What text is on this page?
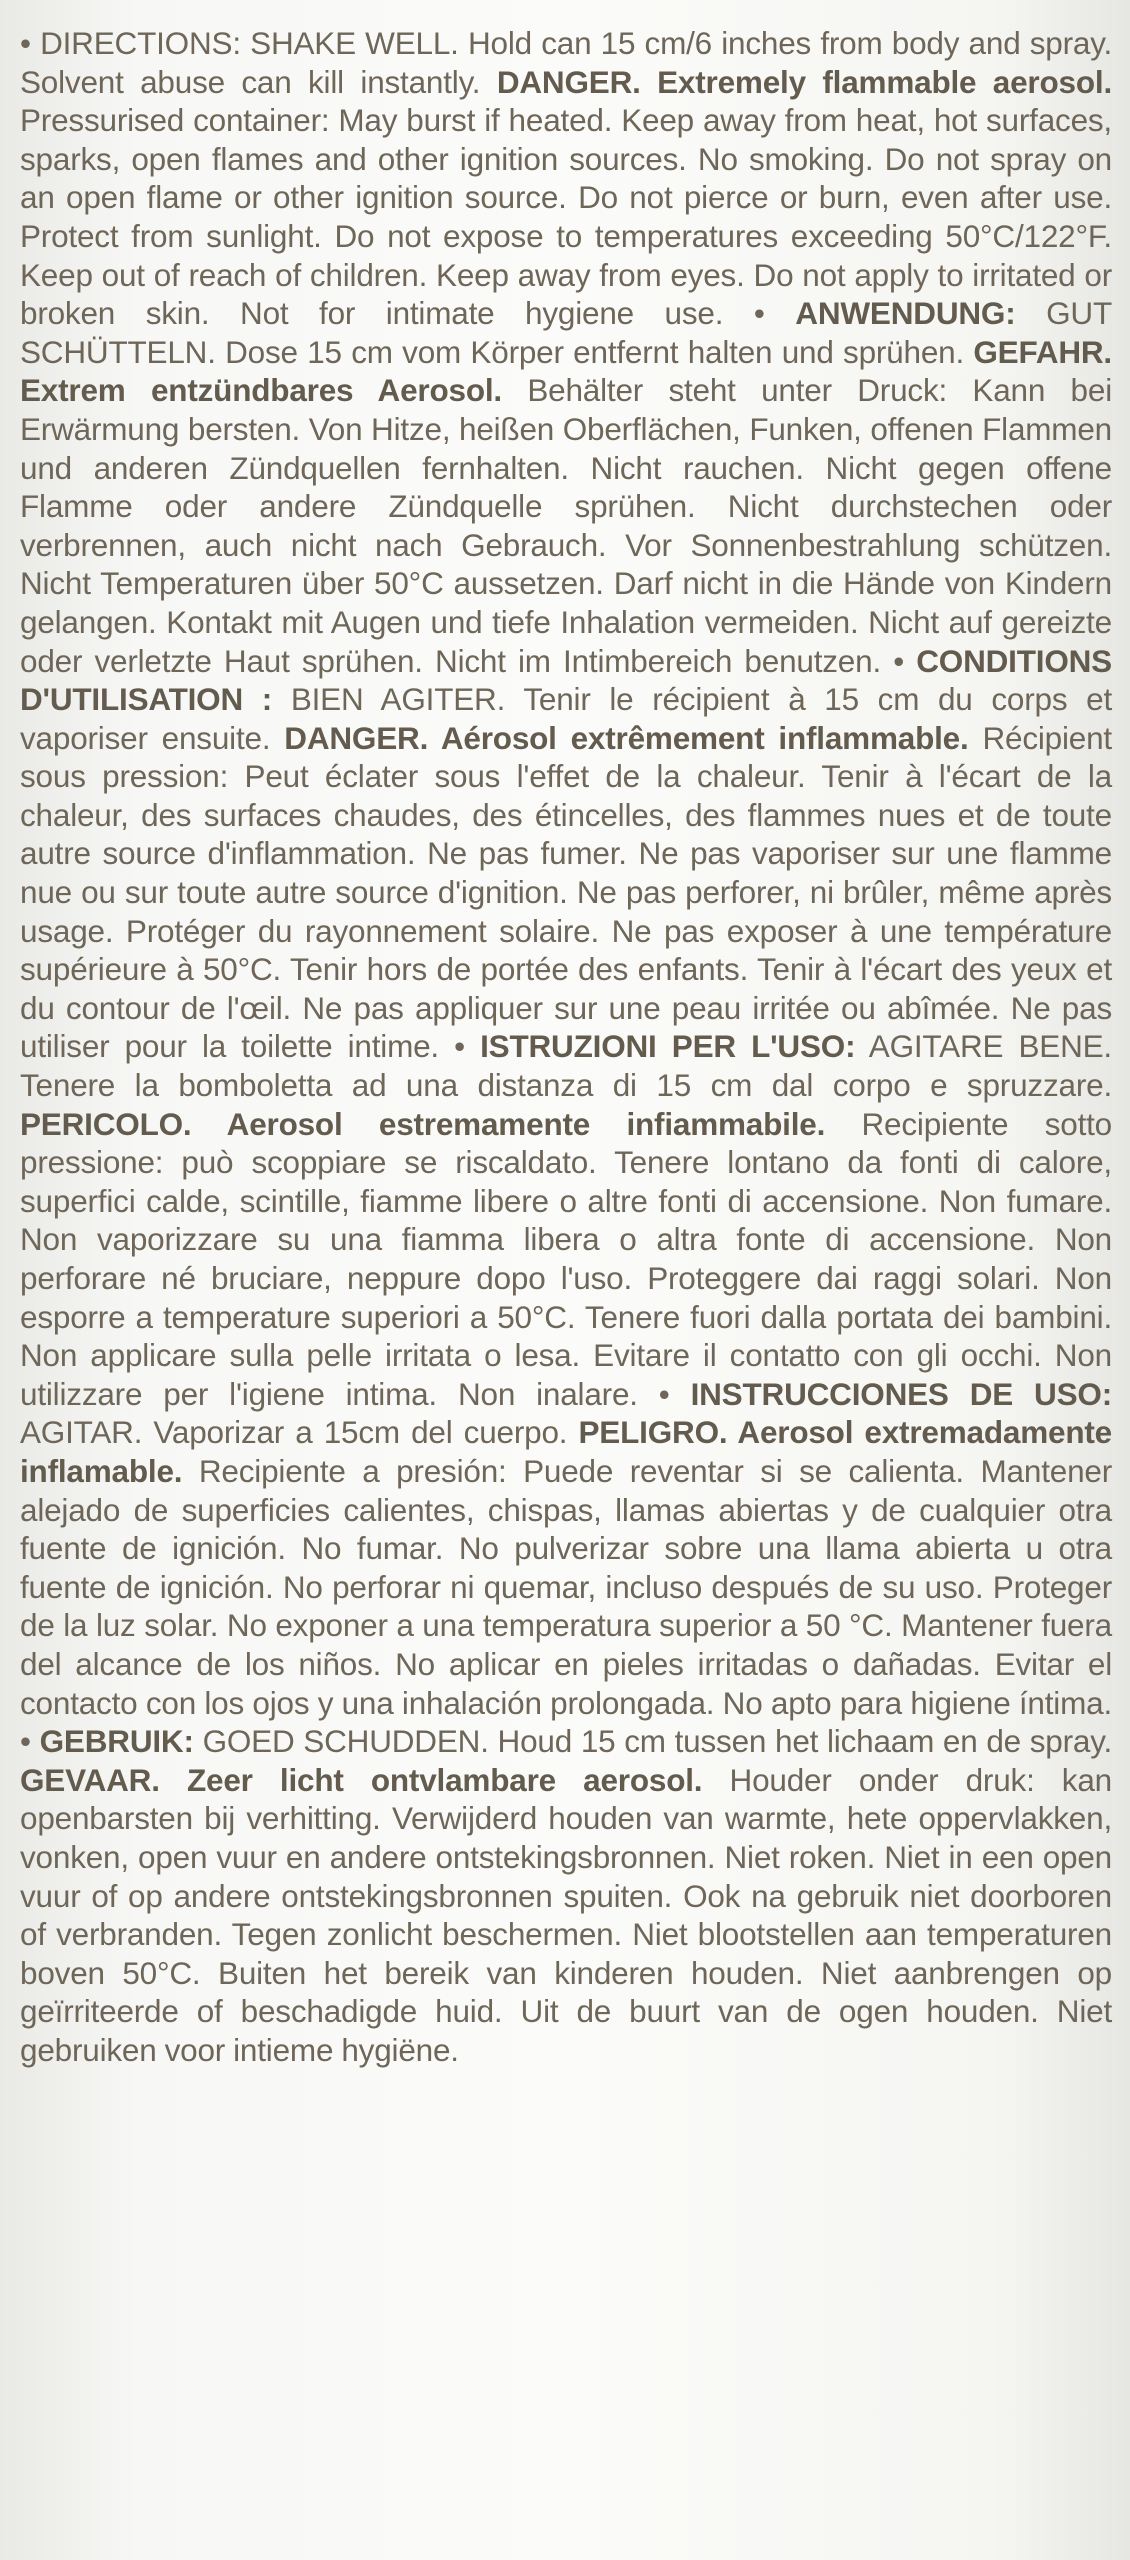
• DIRECTIONS: SHAKE WELL. Hold can 15 cm/6 inches from body and spray. Solvent abuse can kill instantly. DANGER. Extremely flammable aerosol. Pressurised container: May burst if heated. Keep away from heat, hot surfaces, sparks, open flames and other ignition sources. No smoking. Do not spray on an open flame or other ignition source. Do not pierce or burn, even after use. Protect from sunlight. Do not expose to temperatures exceeding 50°C/122°F. Keep out of reach of children. Keep away from eyes. Do not apply to irritated or broken skin. Not for intimate hygiene use. • ANWENDUNG: GUT SCHÜTTELN. Dose 15 cm vom Körper entfernt halten und sprühen. GEFAHR. Extrem entzündbares Aerosol. Behälter steht unter Druck: Kann bei Erwärmung bersten. Von Hitze, heißen Oberflächen, Funken, offenen Flammen und anderen Zündquellen fernhalten. Nicht rauchen. Nicht gegen offene Flamme oder andere Zündquelle sprühen. Nicht durchstechen oder verbrennen, auch nicht nach Gebrauch. Vor Sonnenbestrahlung schützen. Nicht Temperaturen über 50°C aussetzen. Darf nicht in die Hände von Kindern gelangen. Kontakt mit Augen und tiefe Inhalation vermeiden. Nicht auf gereizte oder verletzte Haut sprühen. Nicht im Intimbereich benutzen. • CONDITIONS D'UTILISATION : BIEN AGITER. Tenir le récipient à 15 cm du corps et vaporiser ensuite. DANGER. Aérosol extrêmement inflammable. Récipient sous pression: Peut éclater sous l'effet de la chaleur. Tenir à l'écart de la chaleur, des surfaces chaudes, des étincelles, des flammes nues et de toute autre source d'inflammation. Ne pas fumer. Ne pas vaporiser sur une flamme nue ou sur toute autre source d'ignition. Ne pas perforer, ni brûler, même après usage. Protéger du rayonnement solaire. Ne pas exposer à une température supérieure à 50°C. Tenir hors de portée des enfants. Tenir à l'écart des yeux et du contour de l'œil. Ne pas appliquer sur une peau irritée ou abîmée. Ne pas utiliser pour la toilette intime. • ISTRUZIONI PER L'USO: AGITARE BENE. Tenere la bomboletta ad una distanza di 15 cm dal corpo e spruzzare. PERICOLO. Aerosol estremamente infiammabile. Recipiente sotto pressione: può scoppiare se riscaldato. Tenere lontano da fonti di calore, superfici calde, scintille, fiamme libere o altre fonti di accensione. Non fumare. Non vaporizzare su una fiamma libera o altra fonte di accensione. Non perforare né bruciare, neppure dopo l'uso. Proteggere dai raggi solari. Non esporre a temperature superiori a 50°C. Tenere fuori dalla portata dei bambini. Non applicare sulla pelle irritata o lesa. Evitare il contatto con gli occhi. Non utilizzare per l'igiene intima. Non inalare. • INSTRUCCIONES DE USO: AGITAR. Vaporizar a 15cm del cuerpo. PELIGRO. Aerosol extremadamente inflamable. Recipiente a presión: Puede reventar si se calienta. Mantener alejado de superficies calientes, chispas, llamas abiertas y de cualquier otra fuente de ignición. No fumar. No pulverizar sobre una llama abierta u otra fuente de ignición. No perforar ni quemar, incluso después de su uso. Proteger de la luz solar. No exponer a una temperatura superior a 50 °C. Mantener fuera del alcance de los niños. No aplicar en pieles irritadas o dañadas. Evitar el contacto con los ojos y una inhalación prolongada. No apto para higiene íntima. • GEBRUIK: GOED SCHUDDEN. Houd 15 cm tussen het lichaam en de spray. GEVAAR. Zeer licht ontvlambare aerosol. Houder onder druk: kan openbarsten bij verhitting. Verwijderd houden van warmte, hete oppervlakken, vonken, open vuur en andere ontstekingsbronnen. Niet roken. Niet in een open vuur of op andere ontstekingsbronnen spuiten. Ook na gebruik niet doorboren of verbranden. Tegen zonlicht beschermen. Niet blootstellen aan temperaturen boven 50°C. Buiten het bereik van kinderen houden. Niet aanbrengen op geïrriteerde of beschadigde huid. Uit de buurt van de ogen houden. Niet gebruiken voor intieme hygiëne.
